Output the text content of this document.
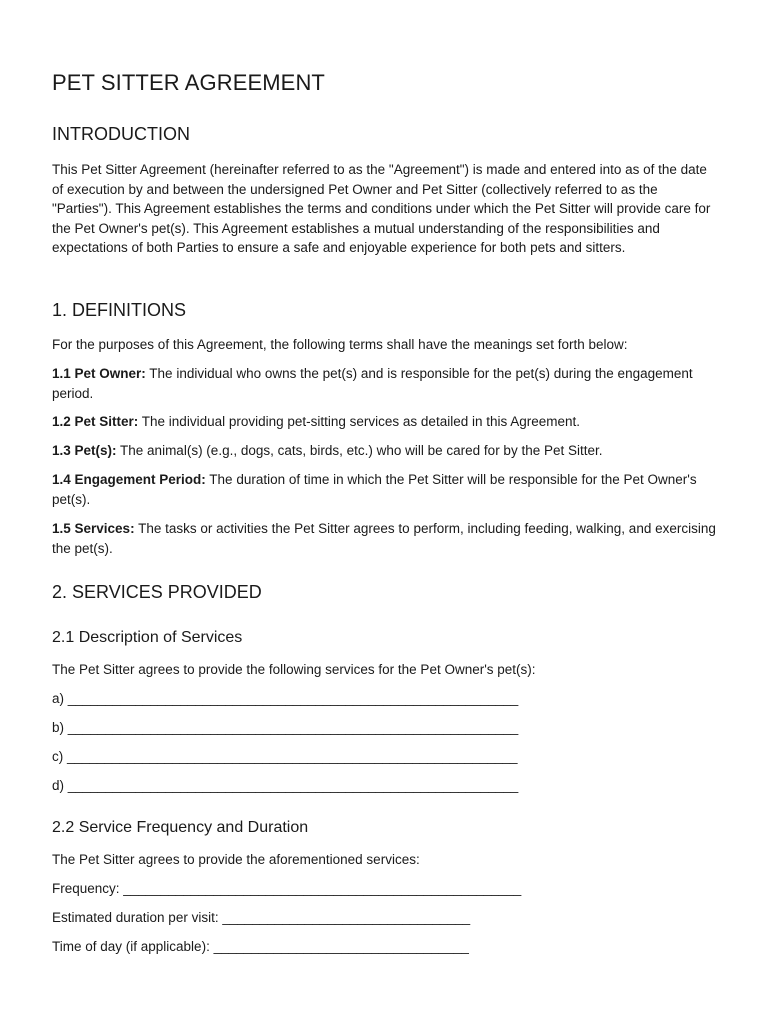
PET SITTER AGREEMENT
INTRODUCTION

This Pet Sitter Agreement (hereinafter referred to as the "Agreement") is made and entered into as of the date of execution by and between the undersigned Pet Owner and Pet Sitter (collectively referred to as the "Parties"). This Agreement establishes the terms and conditions under which the Pet Sitter will provide care for the Pet Owner's pet(s). This Agreement establishes a mutual understanding of the responsibilities and expectations of both Parties to ensure a safe and enjoyable experience for both pets and sitters.

1. DEFINITIONS

For the purposes of this Agreement, the following terms shall have the meanings set forth below:

1.1 Pet Owner: The individual who owns the pet(s) and is responsible for the pet(s) during the engagement period.

1.2 Pet Sitter: The individual providing pet-sitting services as detailed in this Agreement.

1.3 Pet(s): The animal(s) (e.g., dogs, cats, birds, etc.) who will be cared for by the Pet Sitter.

1.4 Engagement Period: The duration of time in which the Pet Sitter will be responsible for the Pet Owner's pet(s).

1.5 Services: The tasks or activities the Pet Sitter agrees to perform, including feeding, walking, and exercising the pet(s).

2. SERVICES PROVIDED
2.1 Description of Services

The Pet Sitter agrees to provide the following services for the Pet Owner's pet(s):

a) ____________________________________________________________

b) ____________________________________________________________

c) ____________________________________________________________

d) ____________________________________________________________

2.2 Service Frequency and Duration

The Pet Sitter agrees to provide the aforementioned services:

Frequency: _____________________________________________________

Estimated duration per visit: _________________________________

Time of day (if applicable): __________________________________
